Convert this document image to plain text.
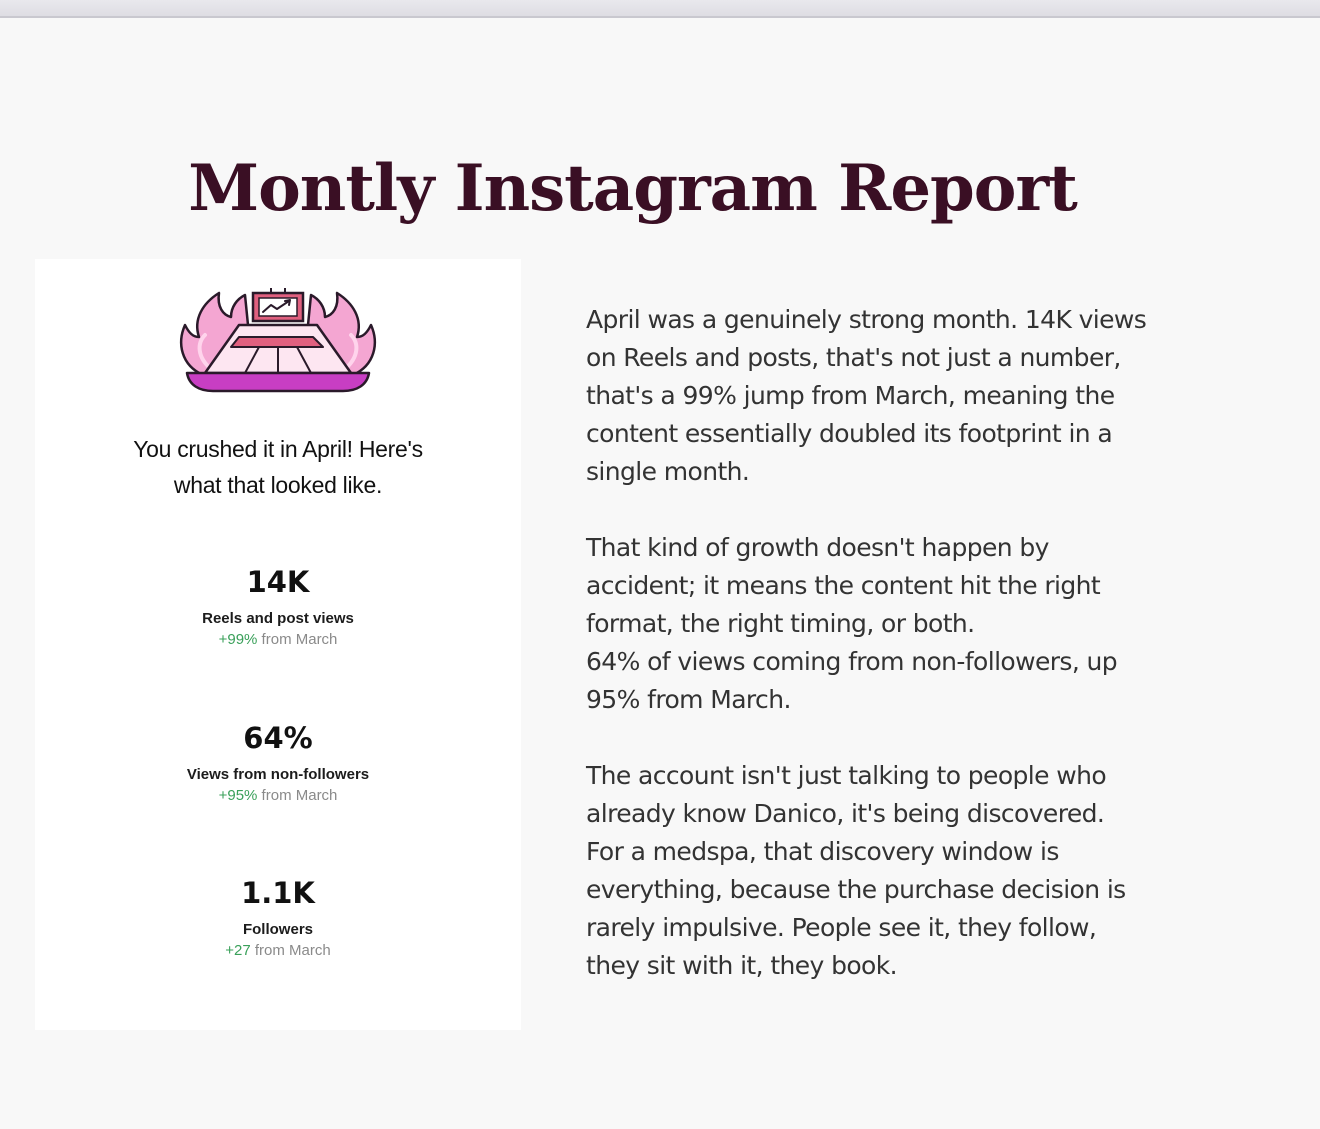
Montly Instagram Report
You crushed it in April! Here's
what that looked like.
14K
Reels and post views
+99% from March
64%
Views from non-followers
+95% from March
1.1K
Followers
+27 from March
April was a genuinely strong month. 14K views
on Reels and posts, that's not just a number,
that's a 99% jump from March, meaning the
content essentially doubled its footprint in a
single month.
That kind of growth doesn't happen by
accident; it means the content hit the right
format, the right timing, or both.
64% of views coming from non-followers, up
95% from March.
The account isn't just talking to people who
already know Danico, it's being discovered.
For a medspa, that discovery window is
everything, because the purchase decision is
rarely impulsive. People see it, they follow,
they sit with it, they book.
